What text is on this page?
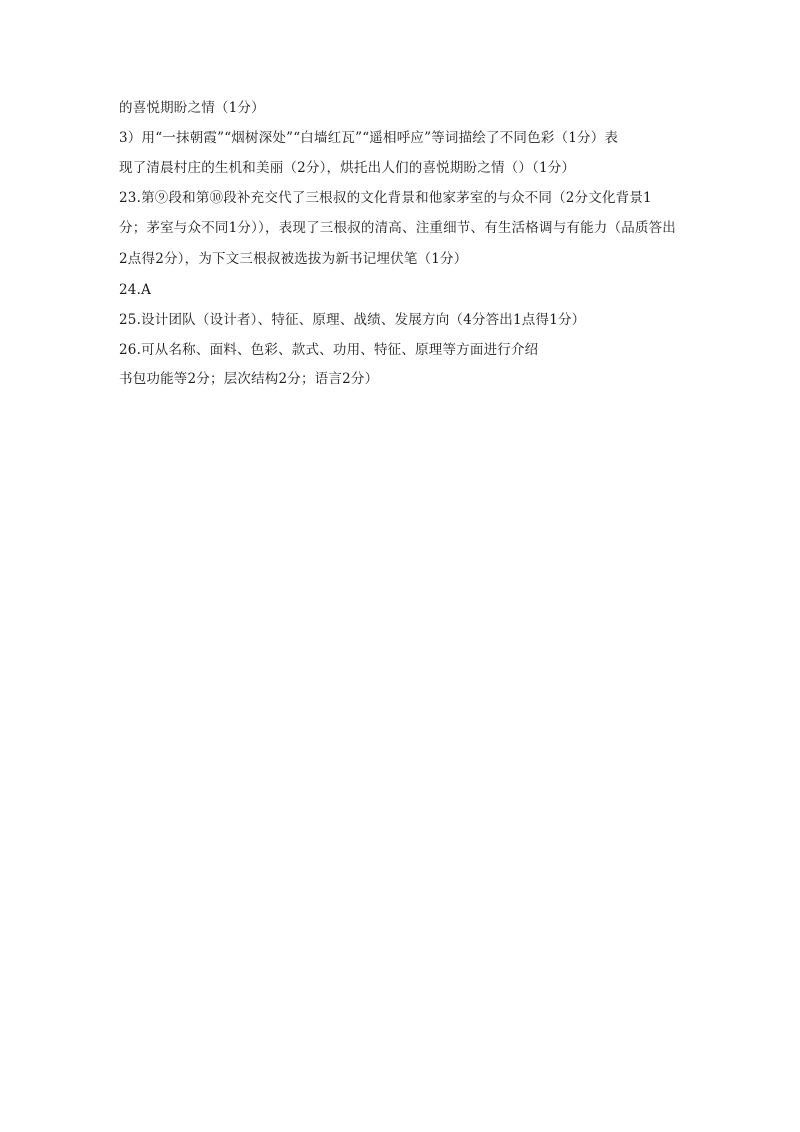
的喜悦期盼之情（1分）
3）用“一抹朝霞”“烟树深处”“白墙红瓦”“遥相呼应”等词描绘了不同色彩（1分）表
现了清晨村庄的生机和美丽（2分），烘托出人们的喜悦期盼之情（）（1分）
23.第⑨段和第⑩段补充交代了三根叔的文化背景和他家茅室的与众不同（2分文化背景1
分；茅室与众不同1分）），表现了三根叔的清高、注重细节、有生活格调与有能力（品质答出
2点得2分），为下文三根叔被选拔为新书记埋伏笔（1分）
24.A
25.设计团队（设计者）、特征、原理、战绩、发展方向（4分答出1点得1分）
26.可从名称、面料、色彩、款式、功用、特征、原理等方面进行介绍
书包功能等2分；层次结构2分；语言2分）
